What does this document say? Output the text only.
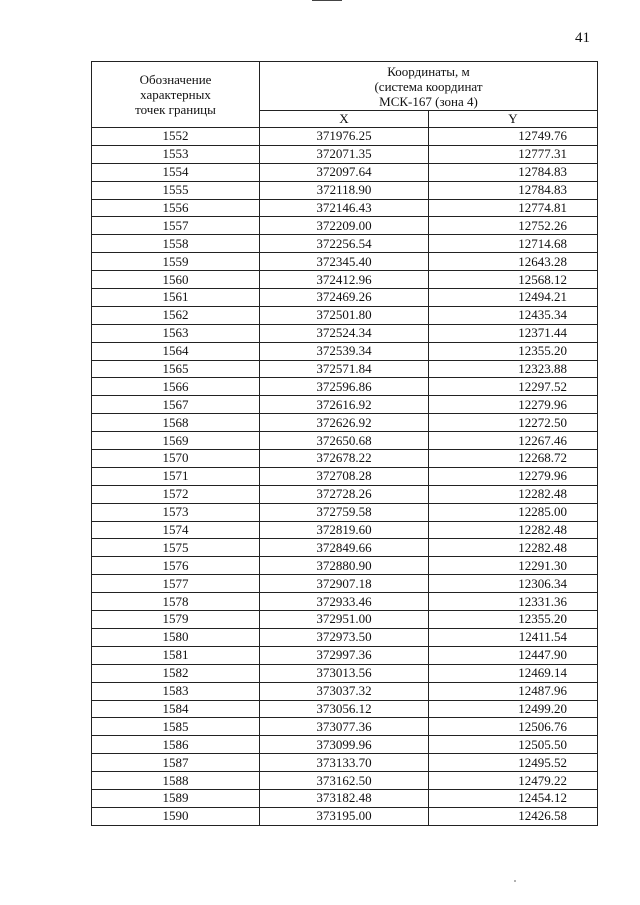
41
Обозначение
характерных
точек границы	Координаты, м
(система координат
МСК-167 (зона 4)	
	X	Y
1552	371976.25	12749.76
1553	372071.35	12777.31
1554	372097.64	12784.83
1555	372118.90	12784.83
1556	372146.43	12774.81
1557	372209.00	12752.26
1558	372256.54	12714.68
1559	372345.40	12643.28
1560	372412.96	12568.12
1561	372469.26	12494.21
1562	372501.80	12435.34
1563	372524.34	12371.44
1564	372539.34	12355.20
1565	372571.84	12323.88
1566	372596.86	12297.52
1567	372616.92	12279.96
1568	372626.92	12272.50
1569	372650.68	12267.46
1570	372678.22	12268.72
1571	372708.28	12279.96
1572	372728.26	12282.48
1573	372759.58	12285.00
1574	372819.60	12282.48
1575	372849.66	12282.48
1576	372880.90	12291.30
1577	372907.18	12306.34
1578	372933.46	12331.36
1579	372951.00	12355.20
1580	372973.50	12411.54
1581	372997.36	12447.90
1582	373013.56	12469.14
1583	373037.32	12487.96
1584	373056.12	12499.20
1585	373077.36	12506.76
1586	373099.96	12505.50
1587	373133.70	12495.52
1588	373162.50	12479.22
1589	373182.48	12454.12
1590	373195.00	12426.58
